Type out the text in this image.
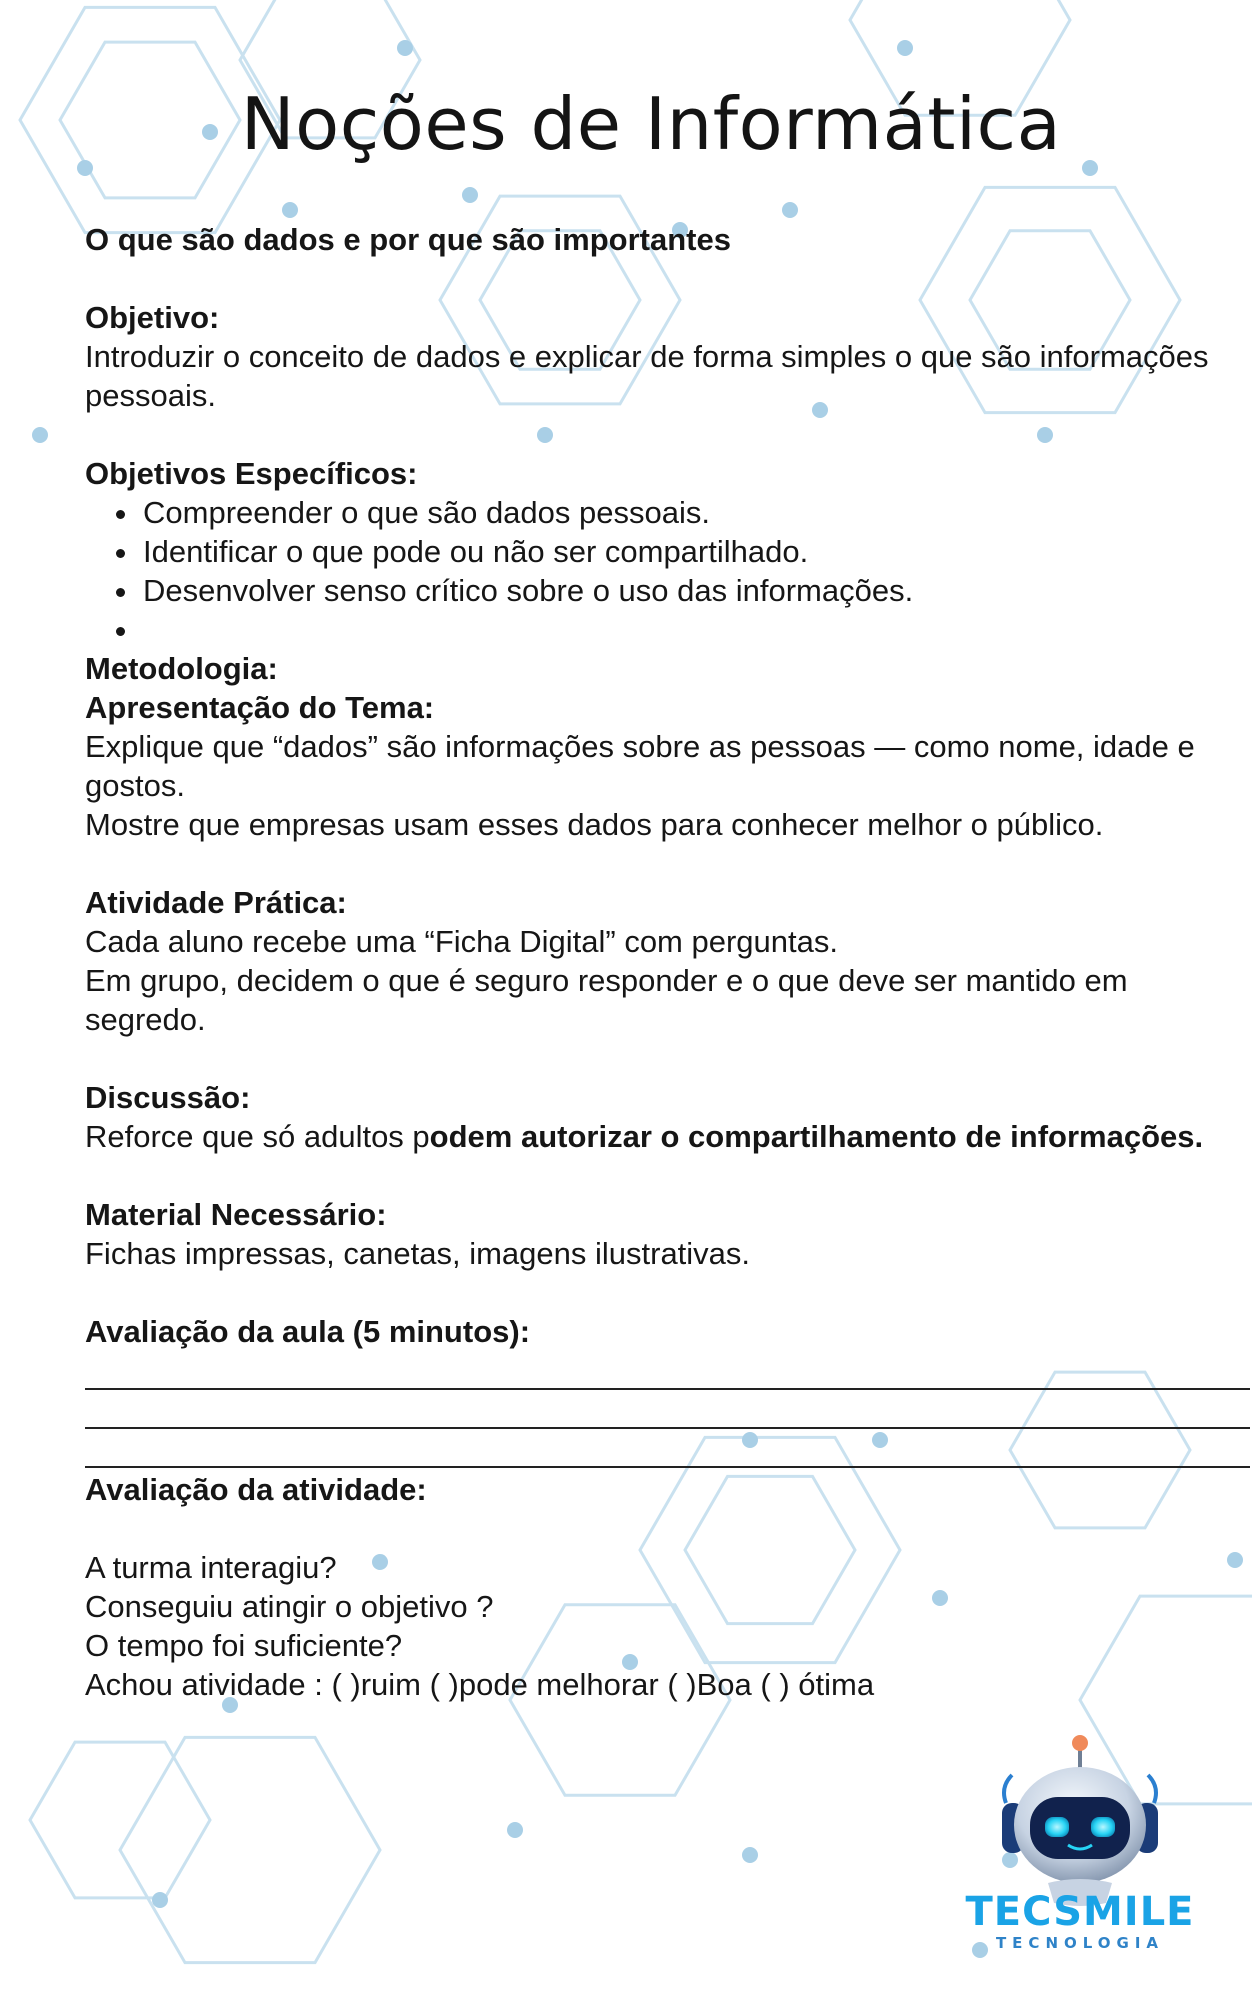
Noções de Informática

O que são dados e por que são importantes

Objetivo:

Introduzir o conceito de dados e explicar de forma simples o que são informações pessoais.

Objetivos Específicos:

• Compreender o que são dados pessoais.
• Identificar o que pode ou não ser compartilhado.
• Desenvolver senso crítico sobre o uso das informações.
•

Metodologia:

Apresentação do Tema:

Explique que “dados” são informações sobre as pessoas — como nome, idade e gostos.

Mostre que empresas usam esses dados para conhecer melhor o público.

Atividade Prática:

Cada aluno recebe uma “Ficha Digital” com perguntas.

Em grupo, decidem o que é seguro responder e o que deve ser mantido em segredo.

Discussão:

Reforce que só adultos podem autorizar o compartilhamento de informações.

Material Necessário:

Fichas impressas, canetas, imagens ilustrativas.

Avaliação da aula (5 minutos):

Avaliação da atividade:

A turma interagiu?

Conseguiu atingir o objetivo ?

O tempo foi suficiente?

Achou atividade : ( )ruim ( )pode melhorar ( )Boa ( ) ótima

TECSMILE
TECNOLOGIA
